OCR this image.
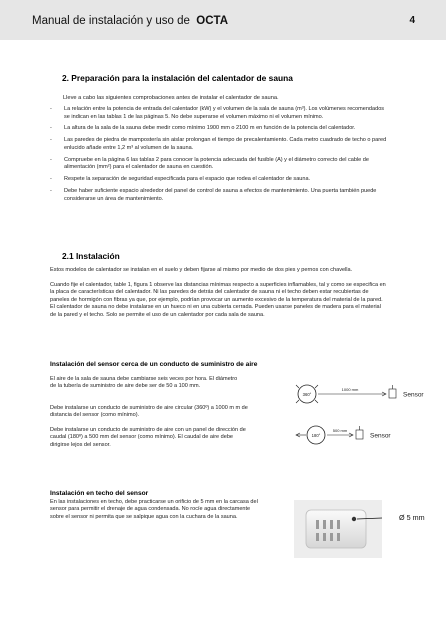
Manual de instalación y uso de OCTA	4
2. Preparación para la instalación del calentador de sauna
Lleve a cabo las siguientes comprobaciones antes de instalar el calentador de sauna.
- La relación entre la potencia de entrada del calentador (kW) y el volumen de la sala de sauna (m³). Los volúmenes recomendados se indican en las tablas 1 de las páginas 5. No debe superarse el volumen máximo ni el volumen mínimo.
- La altura de la sala de la sauna debe medir como mínimo 1900 mm o 2100 m en función de la potencia del calentador.
- Las paredes de piedra de mampostería sin aislar prolongan el tiempo de precalentamiento. Cada metro cuadrado de techo o pared enlucido añade entre 1,2 m³ al volumen de la sauna.
- Compruebe en la página 6 las tablas 2 para conocer la potencia adecuada del fusible (A) y el diámetro correcto del cable de alimentación (mm²) para el calentador de sauna en cuestión.
- Respete la separación de seguridad especificada para el espacio que rodea el calentador de sauna.
- Debe haber suficiente espacio alrededor del panel de control de sauna a efectos de mantenimiento. Una puerta también puede considerarse un área de mantenimiento.
2.1 Instalación
Estos modelos de calentador se instalan en el suelo y deben fijarse al mismo por medio de dos pies y pernos con chavella.
Cuando fije el calentador, table 1, figura 1 observe las distancias mínimas respecto a superficies inflamables, tal y como se especifica en la placa de características del calentador. Ni las paredes de detrás del calentador de sauna ni el techo deben estar recubiertas de paneles de hormigón con fibras ya que, por ejemplo, podrían provocar un aumento excesivo de la temperatura del material de la pared. El calentador de sauna no debe instalarse en un hueco ni en una cubierta cerrada. Pueden usarse paneles de madera para el material de la pared y el techo. Solo se permite el uso de un calentador por cada sala de sauna.
Instalación del sensor cerca de un conducto de suministro de aire
El aire de la sala de sauna debe cambiarse seis veces por hora. El diámetro de la tubería de suministro de aire debe ser de 50 a 100 mm.
Debe instalarse un conducto de suministro de aire circular (360º) a 1000 m m de distancia del sensor (como mínimo).
Debe instalarse un conducto de suministro de aire con un panel de dirección de caudal (180º) a 500 mm del sensor (como mínimo). El caudal de aire debe dirigirse lejos del sensor.
360°
1000 mm
Sensor
180°
500 mm
Sensor
Instalación en techo del sensor
En las instalaciones en techo, debe practicarse un orificio de 5 mm en la carcasa del sensor para permitir el drenaje de agua condensada. No rocíe agua directamente sobre el sensor ni permita que se salpique agua con la cuchara de la sauna.	Ø 5 mm
